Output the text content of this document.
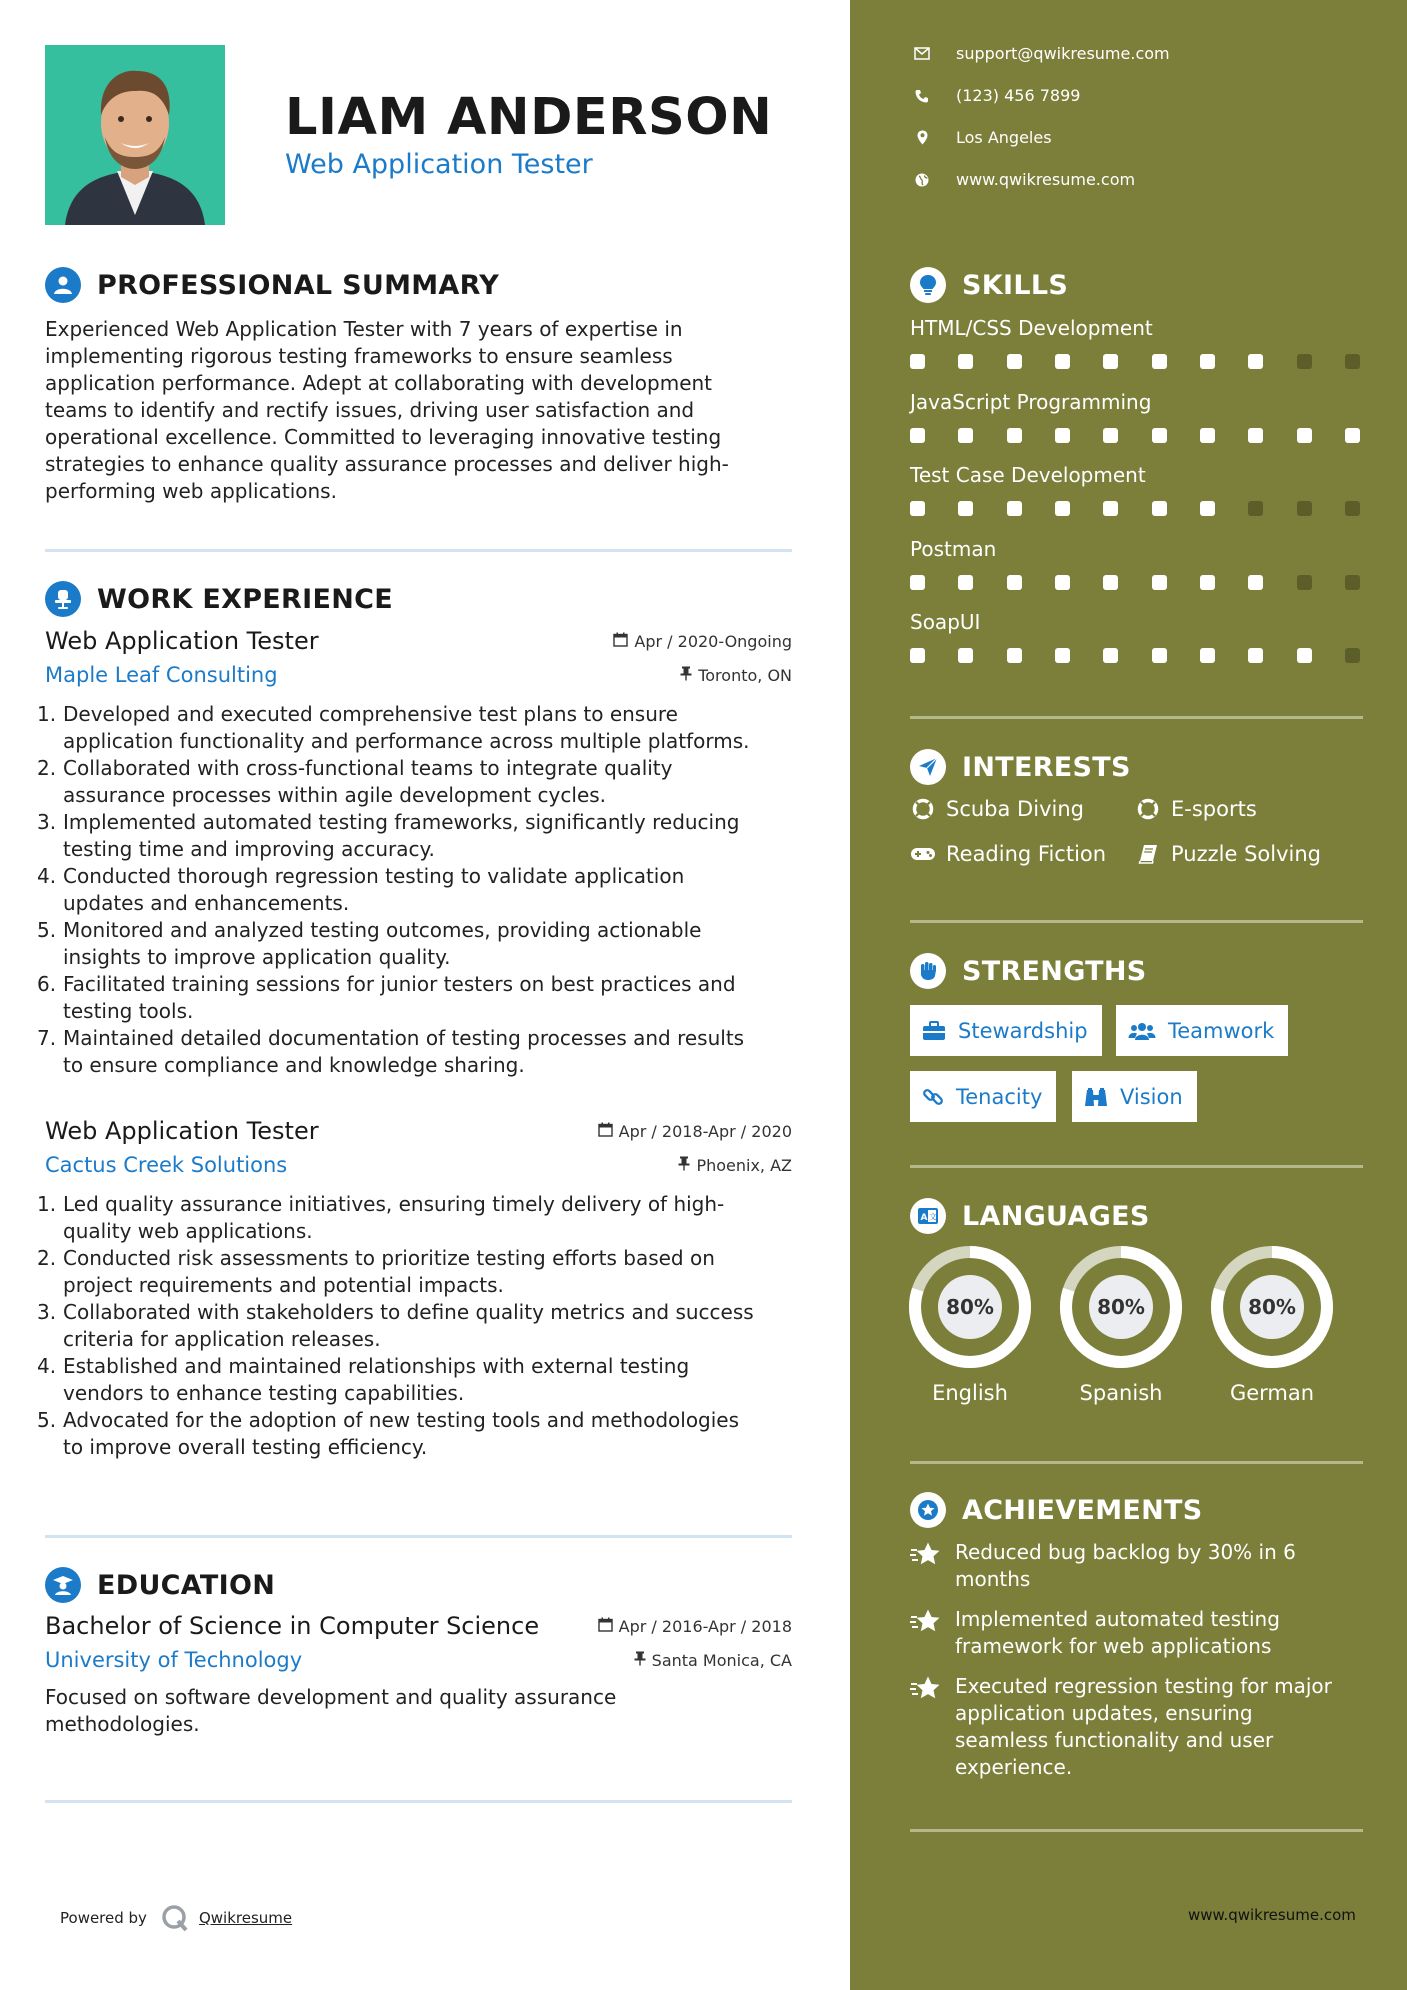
LIAM ANDERSON
Web Application Tester
PROFESSIONAL SUMMARY
Experienced Web Application Tester with 7 years of expertise in
implementing rigorous testing frameworks to ensure seamless
application performance. Adept at collaborating with development
teams to identify and rectify issues, driving user satisfaction and
operational excellence. Committed to leveraging innovative testing
strategies to enhance quality assurance processes and deliver high-
performing web applications.
WORK EXPERIENCE
Web Application Tester	Apr / 2020-Ongoing
Maple Leaf Consulting	Toronto, ON
1. Developed and executed comprehensive test plans to ensure
application functionality and performance across multiple platforms.
2. Collaborated with cross-functional teams to integrate quality
assurance processes within agile development cycles.
3. Implemented automated testing frameworks, significantly reducing
testing time and improving accuracy.
4. Conducted thorough regression testing to validate application
updates and enhancements.
5. Monitored and analyzed testing outcomes, providing actionable
insights to improve application quality.
6. Facilitated training sessions for junior testers on best practices and
testing tools.
7. Maintained detailed documentation of testing processes and results
to ensure compliance and knowledge sharing.
Web Application Tester	Apr / 2018-Apr / 2020
Cactus Creek Solutions	Phoenix, AZ
1. Led quality assurance initiatives, ensuring timely delivery of high-
quality web applications.
2. Conducted risk assessments to prioritize testing efforts based on
project requirements and potential impacts.
3. Collaborated with stakeholders to define quality metrics and success
criteria for application releases.
4. Established and maintained relationships with external testing
vendors to enhance testing capabilities.
5. Advocated for the adoption of new testing tools and methodologies
to improve overall testing efficiency.
EDUCATION
Bachelor of Science in Computer Science	Apr / 2016-Apr / 2018
University of Technology	Santa Monica, CA
Focused on software development and quality assurance
methodologies.
Powered by	Qwikresume
support@qwikresume.com
(123) 456 7899
Los Angeles
www.qwikresume.com
SKILLS
HTML/CSS Development
JavaScript Programming
Test Case Development
Postman
SoapUI
INTERESTS
Scuba Diving	E-sports
Reading Fiction	Puzzle Solving
STRENGTHS
Stewardship	Teamwork
Tenacity	Vision
A 文 LANGUAGES
80%
English
80%
Spanish
80%
German
ACHIEVEMENTS
Reduced bug backlog by 30% in 6
months
Implemented automated testing
framework for web applications
Executed regression testing for major
application updates, ensuring
seamless functionality and user
experience.
www.qwikresume.com
